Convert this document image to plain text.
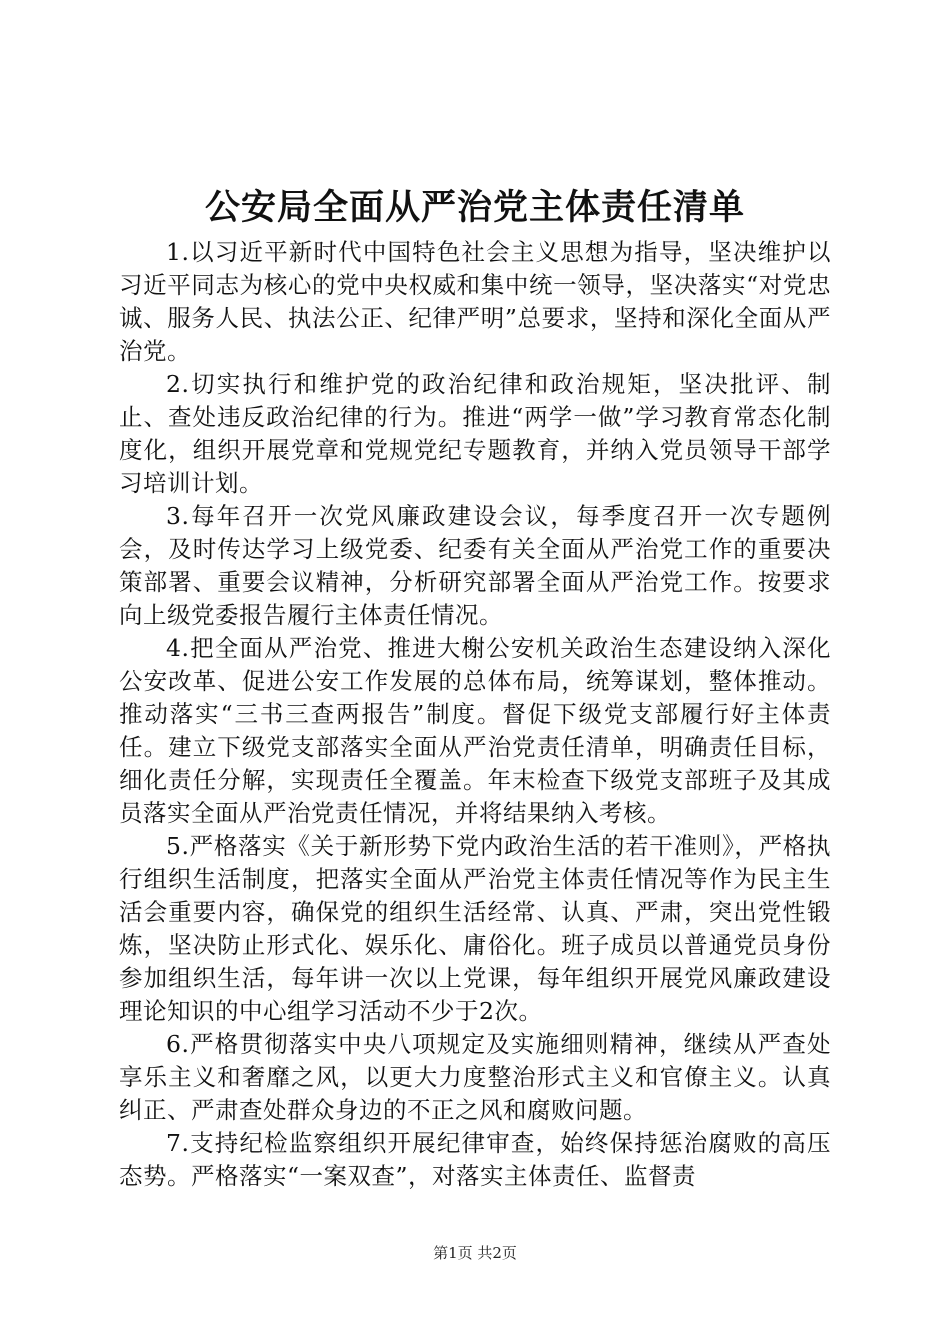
公安局全面从严治党主体责任清单

1.以习近平新时代中国特色社会主义思想为指导，坚决维护以习近平同志为核心的党中央权威和集中统一领导，坚决落实“对党忠诚、服务人民、执法公正、纪律严明”总要求，坚持和深化全面从严治党。

2.切实执行和维护党的政治纪律和政治规矩，坚决批评、制止、查处违反政治纪律的行为。推进“两学一做”学习教育常态化制度化，组织开展党章和党规党纪专题教育，并纳入党员领导干部学习培训计划。

3.每年召开一次党风廉政建设会议，每季度召开一次专题例会，及时传达学习上级党委、纪委有关全面从严治党工作的重要决策部署、重要会议精神，分析研究部署全面从严治党工作。按要求向上级党委报告履行主体责任情况。

4.把全面从严治党、推进大榭公安机关政治生态建设纳入深化公安改革、促进公安工作发展的总体布局，统筹谋划，整体推动。推动落实“三书三查两报告”制度。督促下级党支部履行好主体责任。建立下级党支部落实全面从严治党责任清单，明确责任目标，细化责任分解，实现责任全覆盖。年末检查下级党支部班子及其成员落实全面从严治党责任情况，并将结果纳入考核。

5.严格落实《关于新形势下党内政治生活的若干准则》，严格执行组织生活制度，把落实全面从严治党主体责任情况等作为民主生活会重要内容，确保党的组织生活经常、认真、严肃，突出党性锻炼，坚决防止形式化、娱乐化、庸俗化。班子成员以普通党员身份参加组织生活，每年讲一次以上党课，每年组织开展党风廉政建设理论知识的中心组学习活动不少于2次。

6.严格贯彻落实中央八项规定及实施细则精神，继续从严查处享乐主义和奢靡之风，以更大力度整治形式主义和官僚主义。认真纠正、严肃查处群众身边的不正之风和腐败问题。

7.支持纪检监察组织开展纪律审查，始终保持惩治腐败的高压态势。严格落实“一案双查”，对落实主体责任、监督责

第1页 共2页
